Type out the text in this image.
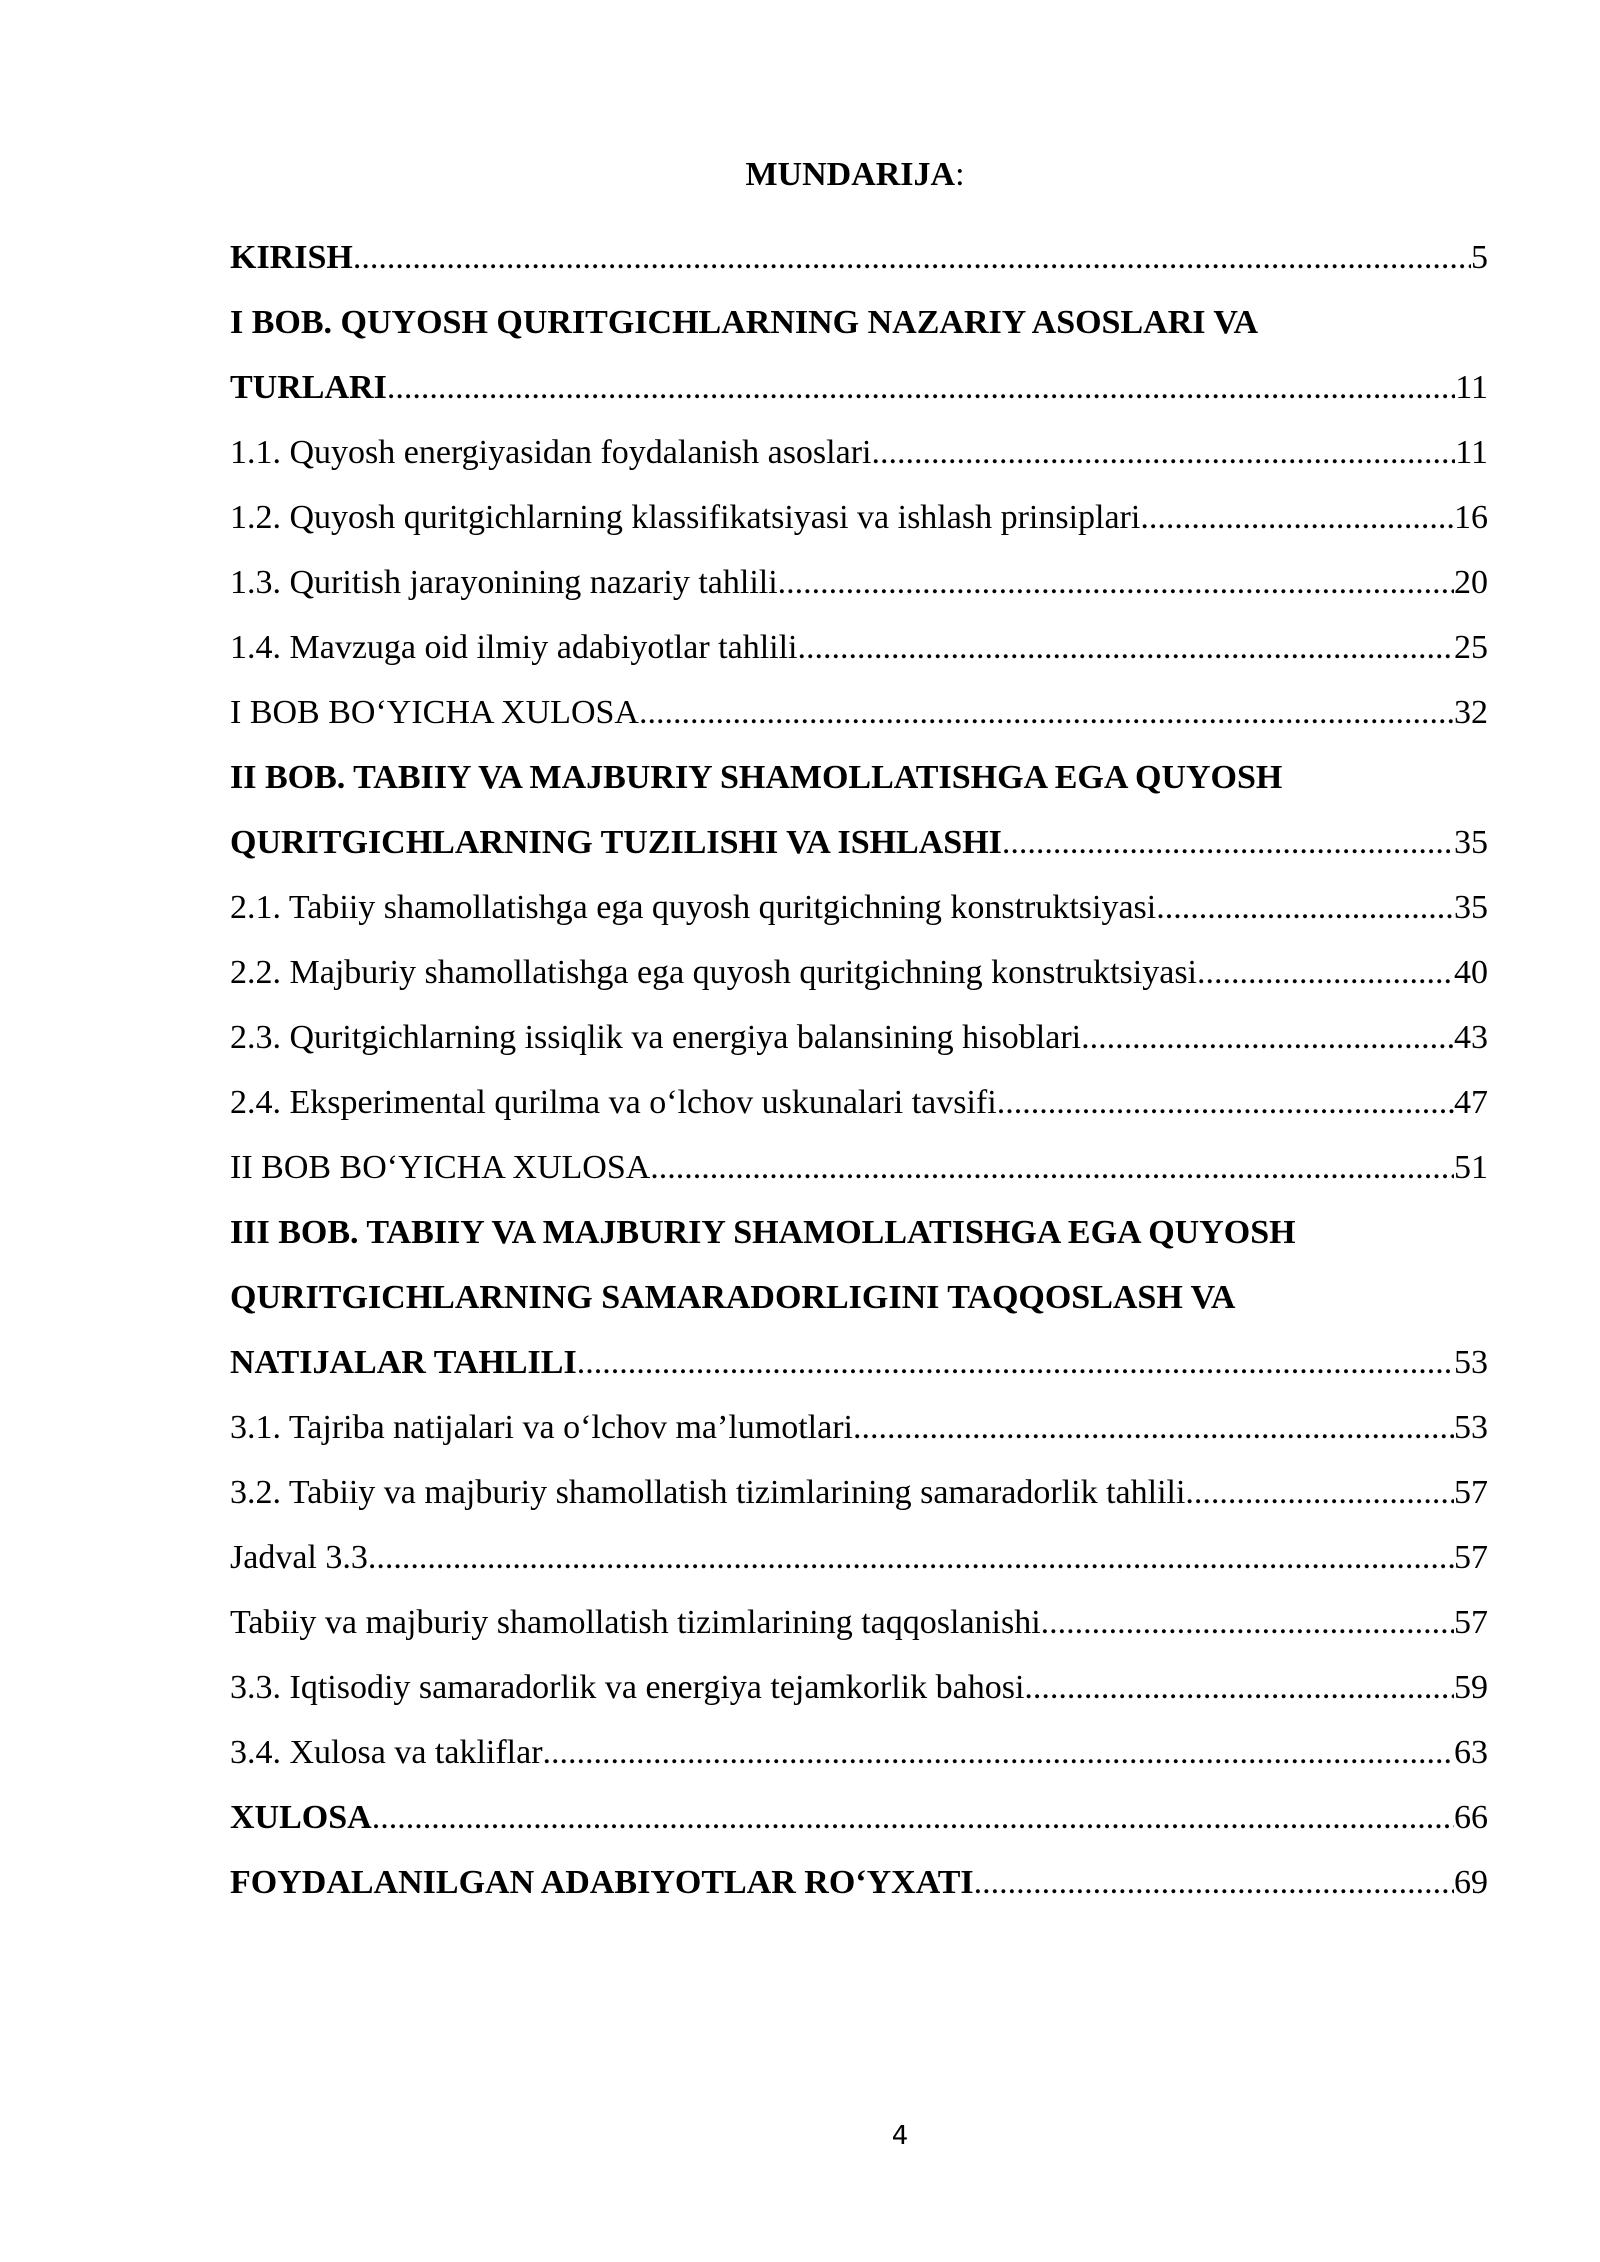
MUNDARIJA:
KIRISH .....	5
I BOB. QUYOSH QURITGICHLARNING NAZARIY ASOSLARI VA
TURLARI .....	11
1.1. Quyosh energiyasidan foydalanish asoslari .....	11
1.2. Quyosh quritgichlarning klassifikatsiyasi va ishlash prinsiplari .....	16
1.3. Quritish jarayonining nazariy tahlili .....	20
1.4. Mavzuga oid ilmiy adabiyotlar tahlili .....	25
I BOB BO‘YICHA XULOSA .....	32
II BOB. TABIIY VA MAJBURIY SHAMOLLATISHGA EGA QUYOSH
QURITGICHLARNING TUZILISHI VA ISHLASHI .....	35
2.1. Tabiiy shamollatishga ega quyosh quritgichning konstruktsiyasi .....	35
2.2. Majburiy shamollatishga ega quyosh quritgichning konstruktsiyasi .....	40
2.3. Quritgichlarning issiqlik va energiya balansining hisoblari .....	43
2.4. Eksperimental qurilma va o‘lchov uskunalari tavsifi .....	47
II BOB BO‘YICHA XULOSA .....	51
III BOB. TABIIY VA MAJBURIY SHAMOLLATISHGA EGA QUYOSH
QURITGICHLARNING SAMARADORLIGINI TAQQOSLASH VA
NATIJALAR TAHLILI .....	53
3.1. Tajriba natijalari va o‘lchov ma’lumotlari .....	53
3.2. Tabiiy va majburiy shamollatish tizimlarining samaradorlik tahlili .....	57
Jadval 3.3 .....	57
Tabiiy va majburiy shamollatish tizimlarining taqqoslanishi .....	57
3.3. Iqtisodiy samaradorlik va energiya tejamkorlik bahosi .....	59
3.4. Xulosa va takliflar .....	63
XULOSA .....	66
FOYDALANILGAN ADABIYOTLAR RO‘YXATI .....	69
4
